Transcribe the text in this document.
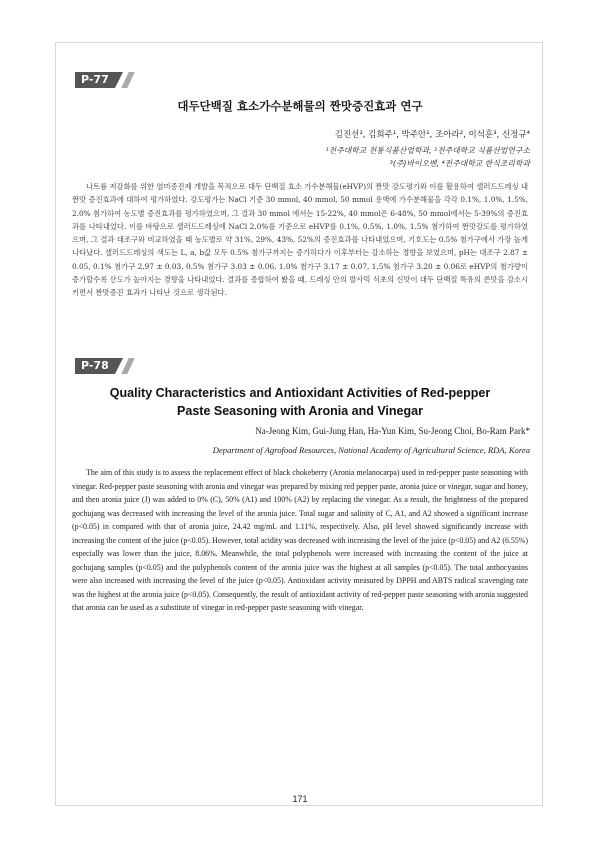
P-77
대두단백질 효소가수분해물의 짠맛증진효과 연구
김진선¹, 김희주¹, 박주안¹, 조아라², 이석훈³, 신정규⁴
¹전주대학교 전통식품산업학과, ²전주대학교 식품산업연구소
³(주)바이오벤, ⁴전주대학교 한식조리학과

나트륨 저감화를 위한 염미증진제 개발을 목적으로 대두 단백질 효소 가수분해물(eHVP)의 짠맛 강도평가와 이를 활용하여 샐러드드레싱 내 짠맛 증진효과에 대하여 평가하였다. 강도평가는 NaCl 기준 30 mmol, 40 mmol, 50 mmol 용액에 가수분해물을 각각 0.1%, 1.0%, 1.5%, 2.0% 첨가하여 농도별 증진효과를 평가하였으며, 그 결과 30 mmol 에서는 15-22%, 40 mmol은 6-48%, 50 mmol에서는 5-39%의 증진효과를 나타내었다. 이를 바탕으로 샐러드드레싱에 NaCl 2.0%를 기준으로 eHVP를 0.1%, 0.5%, 1.0%, 1.5% 첨가하여 짠맛강도를 평가하였으며, 그 결과 대조구와 비교하였을 때 농도별로 약 31%, 29%, 43%, 52%의 증진효과를 나타내었으며, 기호도는 0.5% 첨가구에서 가장 높게 나타났다. 샐러드드레싱의 색도는 L, a, b값 모두 0.5% 첨가구까지는 증가하다가 이후부터는 감소하는 경향을 보였으며, pH는 대조구 2.87 ± 0.05, 0.1% 첨가구 2.97 ± 0.03, 0.5% 첨가구 3.03 ± 0.06, 1.0% 첨가구 3.17 ± 0.07, 1.5% 첨가구 3.20 ± 0.06로 eHVP의 첨가량이 증가할수록 산도가 높아지는 경향을 나타내었다. 결과를 종합하여 봤을 때, 드레싱 안의 발사믹 식초의 신맛이 대두 단백질 특유의 쓴맛을 감소시키면서 짠맛증진 효과가 나타난 것으로 생각된다.

P-78
Quality Characteristics and Antioxidant Activities of Red-pepper
Paste Seasoning with Aronia and Vinegar
Na-Jeong Kim, Gui-Jung Han, Ha-Yun Kim, Su-Jeong Choi, Bo-Ram Park*
Department of Agrofood Resources, National Academy of Agricultural Science, RDA, Korea

The aim of this study is to assess the replacement effect of black chokeberry (Aronia melanocarpa) used in red-pepper paste seasoning with vinegar. Red-pepper paste seasoning with aronia and vinegar was prepared by mixing red pepper paste, aronia juice or vinegar, sugar and honey, and then aronia juice (J) was added to 0% (C), 50% (A1) and 100% (A2) by replacing the vinegar. As a result, the brightness of the prepared gochujang was decreased with increasing the level of the aronia juice. Total sugar and salinity of C, A1, and A2 showed a significant increase (p<0.05) in compared with that of aronia juice, 24.42 mg/mL and 1.11%, respectively. Also, pH level showed significantly increase with increasing the content of the juice (p<0.05). However, total acidity was decreased with increasing the level of the juice (p<0.05) and A2 (6.55%) especially was lower than the juice, 8.06%. Meanwhile, the total polyphenols were increased with increasing the content of the juice at gochujang samples (p<0.05) and the polyphenols content of the aronia juice was the highest at all samples (p<0.05). The total anthocyanins were also increased with increasing the level of the juice (p<0.05). Antioxidant activity measured by DPPH and ABTS radical scavenging rate was the highest at the aronia juice (p<0.05). Consequently, the result of antioxidant activity of red-pepper paste seasoning with aronia suggested that aronia can be used as a substitute of vinegar in red-pepper paste seasoning with vinegar.

171
